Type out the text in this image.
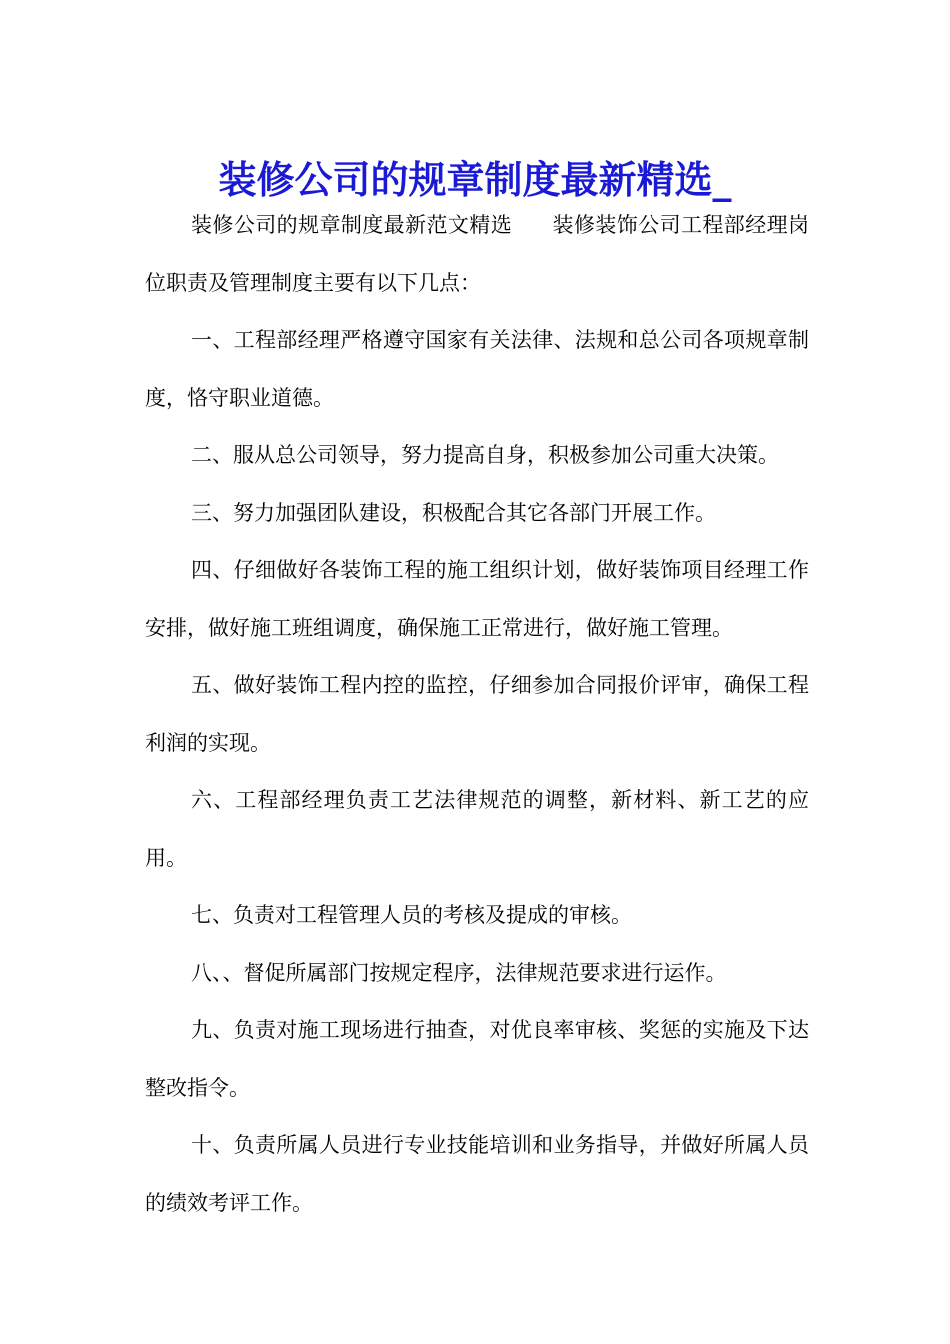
装修公司的规章制度最新精选_

装修公司的规章制度最新范文精选 装修装饰公司工程部经理岗位职责及管理制度主要有以下几点：

一、工程部经理严格遵守国家有关法律、法规和总公司各项规章制度，恪守职业道德。

二、服从总公司领导，努力提高自身，积极参加公司重大决策。

三、努力加强团队建设，积极配合其它各部门开展工作。

四、仔细做好各装饰工程的施工组织计划，做好装饰项目经理工作安排，做好施工班组调度，确保施工正常进行，做好施工管理。

五、做好装饰工程内控的监控，仔细参加合同报价评审，确保工程利润的实现。

六、工程部经理负责工艺法律规范的调整，新材料、新工艺的应用。

七、负责对工程管理人员的考核及提成的审核。

八、、督促所属部门按规定程序，法律规范要求进行运作。

九、负责对施工现场进行抽查，对优良率审核、奖惩的实施及下达整改指令。

十、负责所属人员进行专业技能培训和业务指导，并做好所属人员的绩效考评工作。
